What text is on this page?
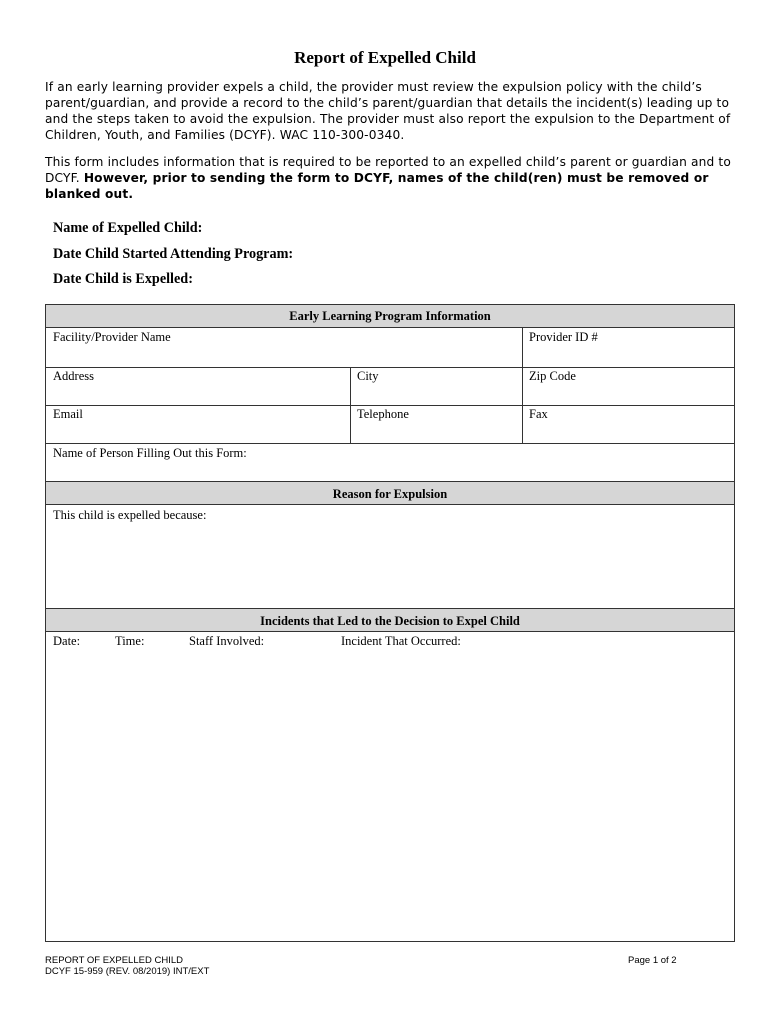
Report of Expelled Child
If an early learning provider expels a child, the provider must review the expulsion policy with the child’s parent/guardian, and provide a record to the child’s parent/guardian that details the incident(s) leading up to and the steps taken to avoid the expulsion. The provider must also report the expulsion to the Department of Children, Youth, and Families (DCYF). WAC 110-300-0340.
This form includes information that is required to be reported to an expelled child’s parent or guardian and to DCYF. However, prior to sending the form to DCYF, names of the child(ren) must be removed or blanked out.
Name of Expelled Child:
Date Child Started Attending Program:
Date Child is Expelled:
Early Learning Program Information
Facility/Provider Name	Provider ID #
Address	City	Zip Code
Email	Telephone	Fax
Name of Person Filling Out this Form:
Reason for Expulsion
This child is expelled because:
Incidents that Led to the Decision to Expel Child
Date:	Time:	Staff Involved:	Incident That Occurred:
REPORT OF EXPELLED CHILD
DCYF 15-959 (REV. 08/2019) INT/EXT
Page 1 of 2
